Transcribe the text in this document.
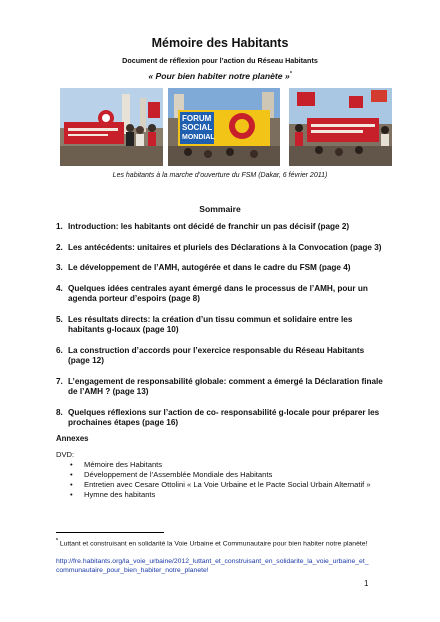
Mémoire des Habitants
Document de réflexion pour l’action du Réseau Habitants
« Pour bien habiter notre planète »*
FORUM
SOCIAL
MONDIAL
Les habitants à la marche d’ouverture du FSM (Dakar, 6 février 2011)
Sommaire
1. Introduction: les habitants ont décidé de franchir un pas décisif (page 2)
2. Les antécédents: unitaires et pluriels des Déclarations à la Convocation (page 3)
3. Le développement de l’AMH, autogérée et dans le cadre du FSM (page 4)
4. Quelques idées centrales ayant émergé dans le processus de l’AMH, pour un agenda porteur d’espoirs (page 8)
5. Les résultats directs: la création d’un tissu commun et solidaire entre les habitants g-locaux (page 10)
6. La construction d’accords pour l’exercice responsable du Réseau Habitants (page 12)
7. L’engagement de responsabilité globale: comment a émergé la Déclaration finale de l’AMH ? (page 13)
8. Quelques réflexions sur l’action de co- responsabilité g-locale pour préparer les prochaines étapes (page 16)
Annexes
DVD:
• Mémoire des Habitants
• Développement de l’Assemblée Mondiale des Habitants
• Entretien avec Cesare Ottolini « La Voie Urbaine et le Pacte Social Urbain Alternatif »
• Hymne des habitants
* Luttant et construisant en solidarité la Voie Urbaine et Communautaire pour bien habiter notre planète!
http://fre.habitants.org/la_voie_urbaine/2012_luttant_et_construisant_en_solidarite_la_voie_urbaine_et_communautaire_pour_bien_habiter_notre_planete!
1
